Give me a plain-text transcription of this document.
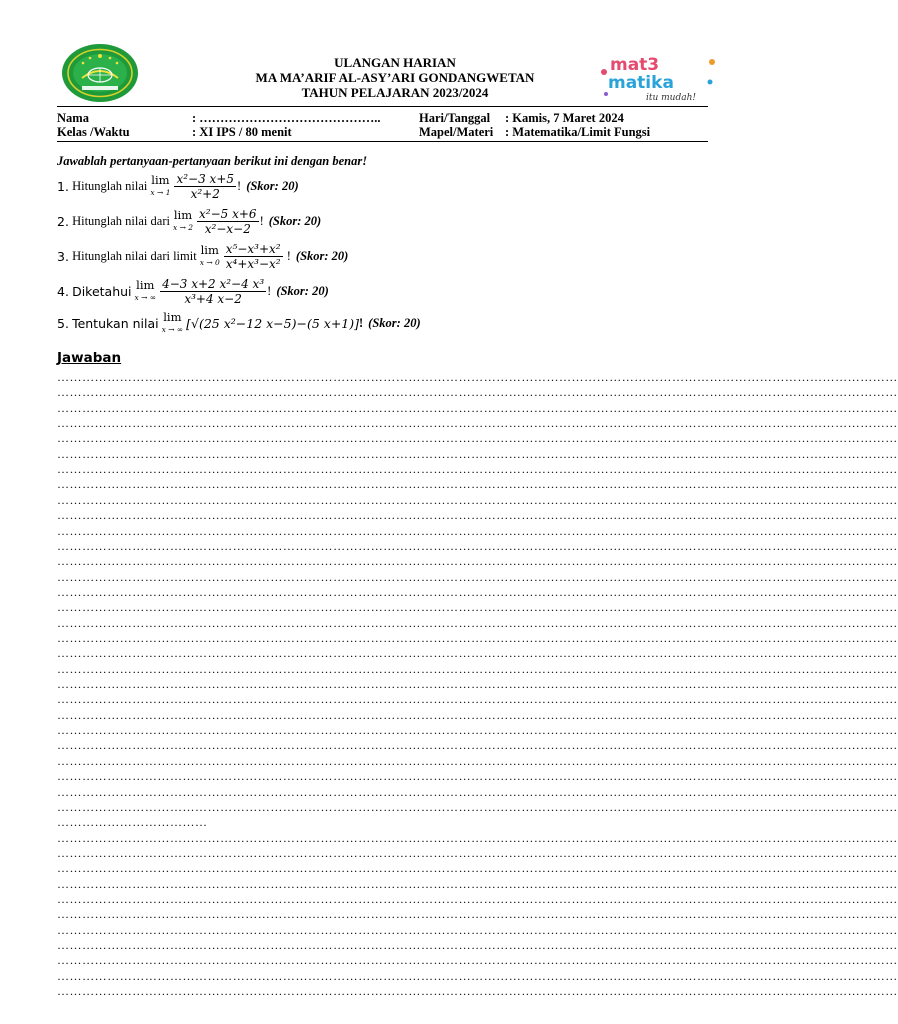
ULANGAN HARIAN
MA MA’ARIF AL-ASY’ARI GONDANGWETAN
TAHUN PELAJARAN 2023/2024
mat3
matika
itu mudah!
Nama	: ……………………………………..
Kelas /Waktu	: XI IPS / 80 menit
Hari/Tanggal : Kamis, 7 Maret 2024
Mapel/Materi : Matematika/Limit Fungsi
Jawablah pertanyaan-pertanyaan berikut ini dengan benar!
1.
Hitunglah nilai lim
$x \to 1 \frac{\text{x²−3 x+5}}{\text{x²+2}}$ ! (Skor: 20)
2.
Hitunglah nilai dari lim
$x \to 2 \frac{\text{x²−5 x+6}}{\text{x²−x−2}}$ ! (Skor: 20)
3.
Hitunglah nilai dari limit lim
$x \to 0 \frac{\text{x⁵−x³+x²}}{\text{x⁴+x³−x²}}$
! (Skor: 20)
4.
Diketahui lim
x → ∞ $\frac{\text{4−3 x+2 x²−4 x³}}{\text{x³+4 x−2}}$ ! (Skor: 20)
5.
Tentukan nilai lim
x → ∞ [√(25 x²−12 x−5)−(5 x+1)] ! (Skor: 20)
Jawaban
…………………………………………………………………………………………………………………………………………………………………………………
…………………………………………………………………………………………………………………………………………………………………………………
…………………………………………………………………………………………………………………………………………………………………………………
…………………………………………………………………………………………………………………………………………………………………………………
…………………………………………………………………………………………………………………………………………………………………………………
…………………………………………………………………………………………………………………………………………………………………………………
…………………………………………………………………………………………………………………………………………………………………………………
…………………………………………………………………………………………………………………………………………………………………………………
…………………………………………………………………………………………………………………………………………………………………………………
…………………………………………………………………………………………………………………………………………………………………………………
…………………………………………………………………………………………………………………………………………………………………………………
…………………………………………………………………………………………………………………………………………………………………………………
…………………………………………………………………………………………………………………………………………………………………………………
…………………………………………………………………………………………………………………………………………………………………………………
…………………………………………………………………………………………………………………………………………………………………………………
…………………………………………………………………………………………………………………………………………………………………………………
…………………………………………………………………………………………………………………………………………………………………………………
…………………………………………………………………………………………………………………………………………………………………………………
…………………………………………………………………………………………………………………………………………………………………………………
…………………………………………………………………………………………………………………………………………………………………………………
…………………………………………………………………………………………………………………………………………………………………………………
…………………………………………………………………………………………………………………………………………………………………………………
…………………………………………………………………………………………………………………………………………………………………………………
…………………………………………………………………………………………………………………………………………………………………………………
…………………………………………………………………………………………………………………………………………………………………………………
…………………………………………………………………………………………………………………………………………………………………………………
…………………………………………………………………………………………………………………………………………………………………………………
…………………………………………………………………………………………………………………………………………………………………………………
…………………………………………………………………………………………………………………………………………………………………………………
………………………………
…………………………………………………………………………………………………………………………………………………………………………………
…………………………………………………………………………………………………………………………………………………………………………………
…………………………………………………………………………………………………………………………………………………………………………………
…………………………………………………………………………………………………………………………………………………………………………………
…………………………………………………………………………………………………………………………………………………………………………………
…………………………………………………………………………………………………………………………………………………………………………………
…………………………………………………………………………………………………………………………………………………………………………………
…………………………………………………………………………………………………………………………………………………………………………………
…………………………………………………………………………………………………………………………………………………………………………………
…………………………………………………………………………………………………………………………………………………………………………………
…………………………………………………………………………………………………………………………………………………………………………………
